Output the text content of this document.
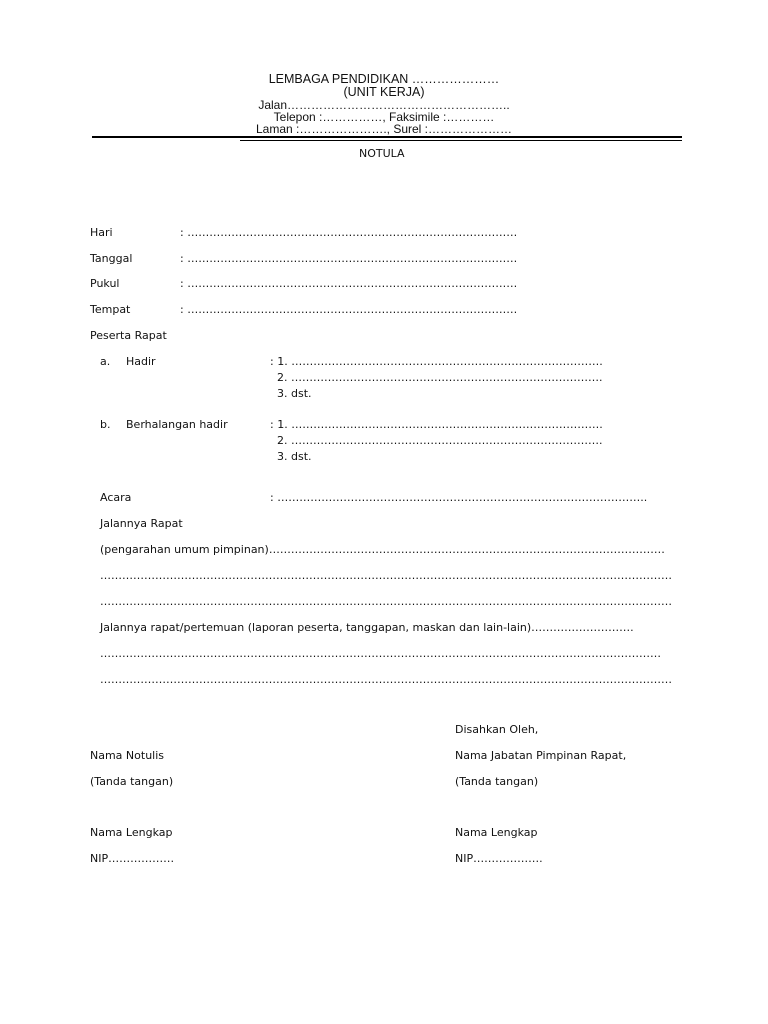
LEMBAGA PENDIDIKAN …………………
(UNIT KERJA)
Jalan………………………………………………..
Telepon :……………, Faksimile :…………
Laman :…………………., Surel :…………………
NOTULA
Hari	: ………………………………………………………………………………
Tanggal	: ………………………………………………………………………………
Pukul	: ………………………………………………………………………………
Tempat	: ………………………………………………………………………………
Peserta Rapat
a. Hadir	: 1. ………………………………………………………………………….
2. ………………………………………………………………………….
3. dst.
b. Berhalangan hadir	: 1. ………………………………………………………………………….
2. ………………………………………………………………………….
3. dst.
Acara	: ………………………………………………………………………………………..
Jalannya Rapat
(pengarahan umum pimpinan)………………………………………………………………………………………………
…………………………………………………………………………………………………………………………………………
…………………………………………………………………………………………………………………………………………
Jalannya rapat/pertemuan (laporan peserta, tanggapan, maskan dan lain-lain)……………………….
………………………………………………………………………………………………………………………………………
…………………………………………………………………………………………………………………………………………
Disahkan Oleh,
Nama Notulis	Nama Jabatan Pimpinan Rapat,
(Tanda tangan)	(Tanda tangan)
Nama Lengkap	Nama Lengkap
NIP………………	NIP……………….
